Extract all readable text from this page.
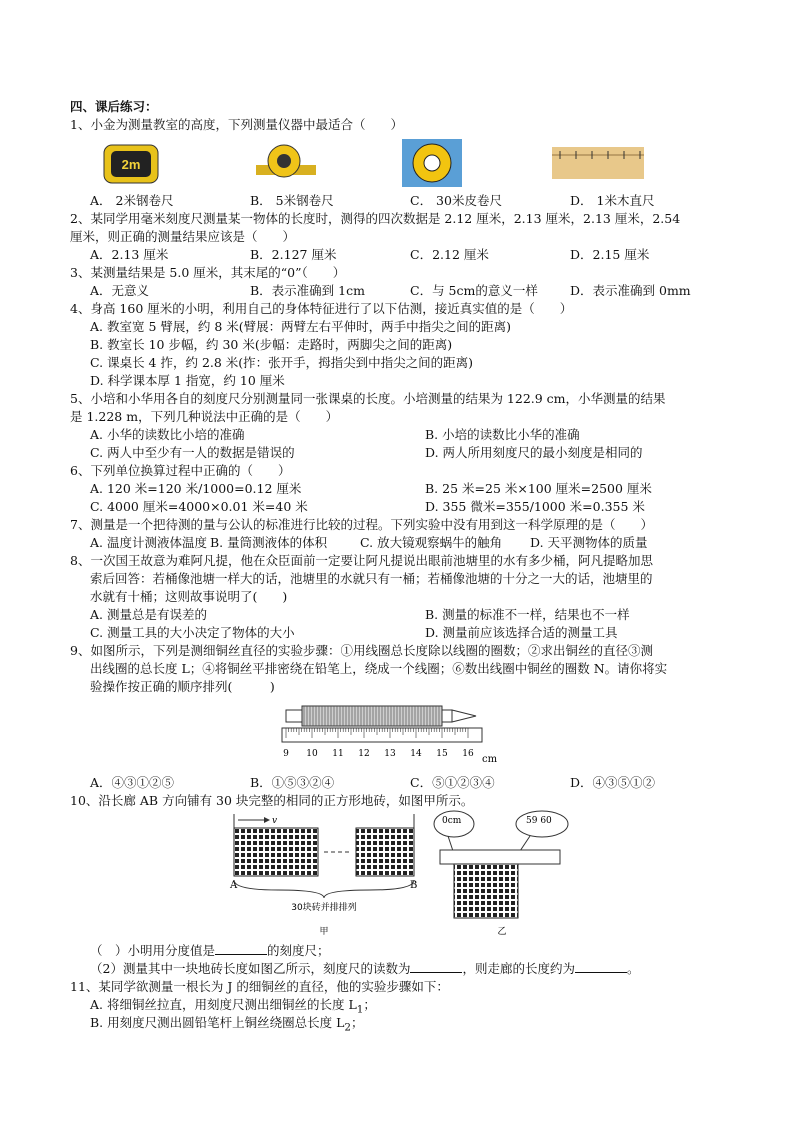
四、课后练习：
1、小金为测量教室的高度，下列测量仪器中最适合（　　）
2m
A． 2米钢卷尺	B． 5米钢卷尺	C． 30米皮卷尺	D． 1米木直尺
2、某同学用毫米刻度尺测量某一物体的长度时，测得的四次数据是 2.12 厘米，2.13 厘米，2.13 厘米，2.54
厘米，则正确的测量结果应该是（　　）
A．2.13 厘米	B．2.127 厘米	C．2.12 厘米	D．2.15 厘米
3、某测量结果是 5.0 厘米，其末尾的“0”（　　）
A．无意义	B．表示准确到 1cm	C．与 5cm的意义一样	D．表示准确到 0mm
4、身高 160 厘米的小明，利用自己的身体特征进行了以下估测，接近真实值的是（　　）
A. 教室宽 5 臂展，约 8 米(臂展：两臂左右平伸时，两手中指尖之间的距离)
B. 教室长 10 步幅，约 30 米(步幅：走路时，两脚尖之间的距离)
C. 课桌长 4 拃，约 2.8 米(拃：张开手，拇指尖到中指尖之间的距离)
D. 科学课本厚 1 指宽，约 10 厘米
5、小培和小华用各自的刻度尺分别测量同一张课桌的长度。小培测量的结果为 122.9 cm，小华测量的结果
是 1.228 m，下列几种说法中正确的是（　　）
A. 小华的读数比小培的准确	B. 小培的读数比小华的准确
C. 两人中至少有一人的数据是错误的	D. 两人所用刻度尺的最小刻度是相同的
6、下列单位换算过程中正确的（　　）
A. 120 米=120 米/1000=0.12 厘米	B. 25 米=25 米×100 厘米=2500 厘米
C. 4000 厘米=4000×0.01 米=40 米	D. 355 微米=355/1000 米=0.355 米
7、测量是一个把待测的量与公认的标准进行比较的过程。下列实验中没有用到这一科学原理的是（　　）
A. 温度计测液体温度 B. 量筒测液体的体积	C. 放大镜观察蜗牛的触角	D. 天平测物体的质量
8、一次国王故意为难阿凡提，他在众臣面前一定要让阿凡提说出眼前池塘里的水有多少桶，阿凡提略加思
索后回答：若桶像池塘一样大的话，池塘里的水就只有一桶；若桶像池塘的十分之一大的话，池塘里的
水就有十桶；这则故事说明了(　　)
A. 测量总是有误差的	B. 测量的标准不一样，结果也不一样
C. 测量工具的大小决定了物体的大小	D. 测量前应该选择合适的测量工具
9、如图所示，下列是测细铜丝直径的实验步骤：①用线圈总长度除以线圈的圈数；②求出铜丝的直径③测
出线圈的总长度 L；④将铜丝平排密绕在铅笔上，绕成一个线圈；⑥数出线圈中铜丝的圈数 N。请你将实
验操作按正确的顺序排列(　　　)
9 10 11 12 13 14 15 16 cm
A．④③①②⑤	B．①⑤③②④	C．⑤①②③④	D．④③⑤①②
10、沿长廊 AB 方向铺有 30 块完整的相同的正方形地砖，如图甲所示。
v
A	B
30块砖并排排列
甲
0cm	59 60
乙
（　）小明用分度值是	的刻度尺；
（2）测量其中一块地砖长度如图乙所示，刻度尺的读数为	，则走廊的长度约为	。
11、某同学欲测量一根长为 J 的细铜丝的直径，他的实验步骤如下：
A. 将细铜丝拉直，用刻度尺测出细铜丝的长度 $L_1$；
B. 用刻度尺测出圆铅笔杆上铜丝绕圈总长度 $L_2$；
